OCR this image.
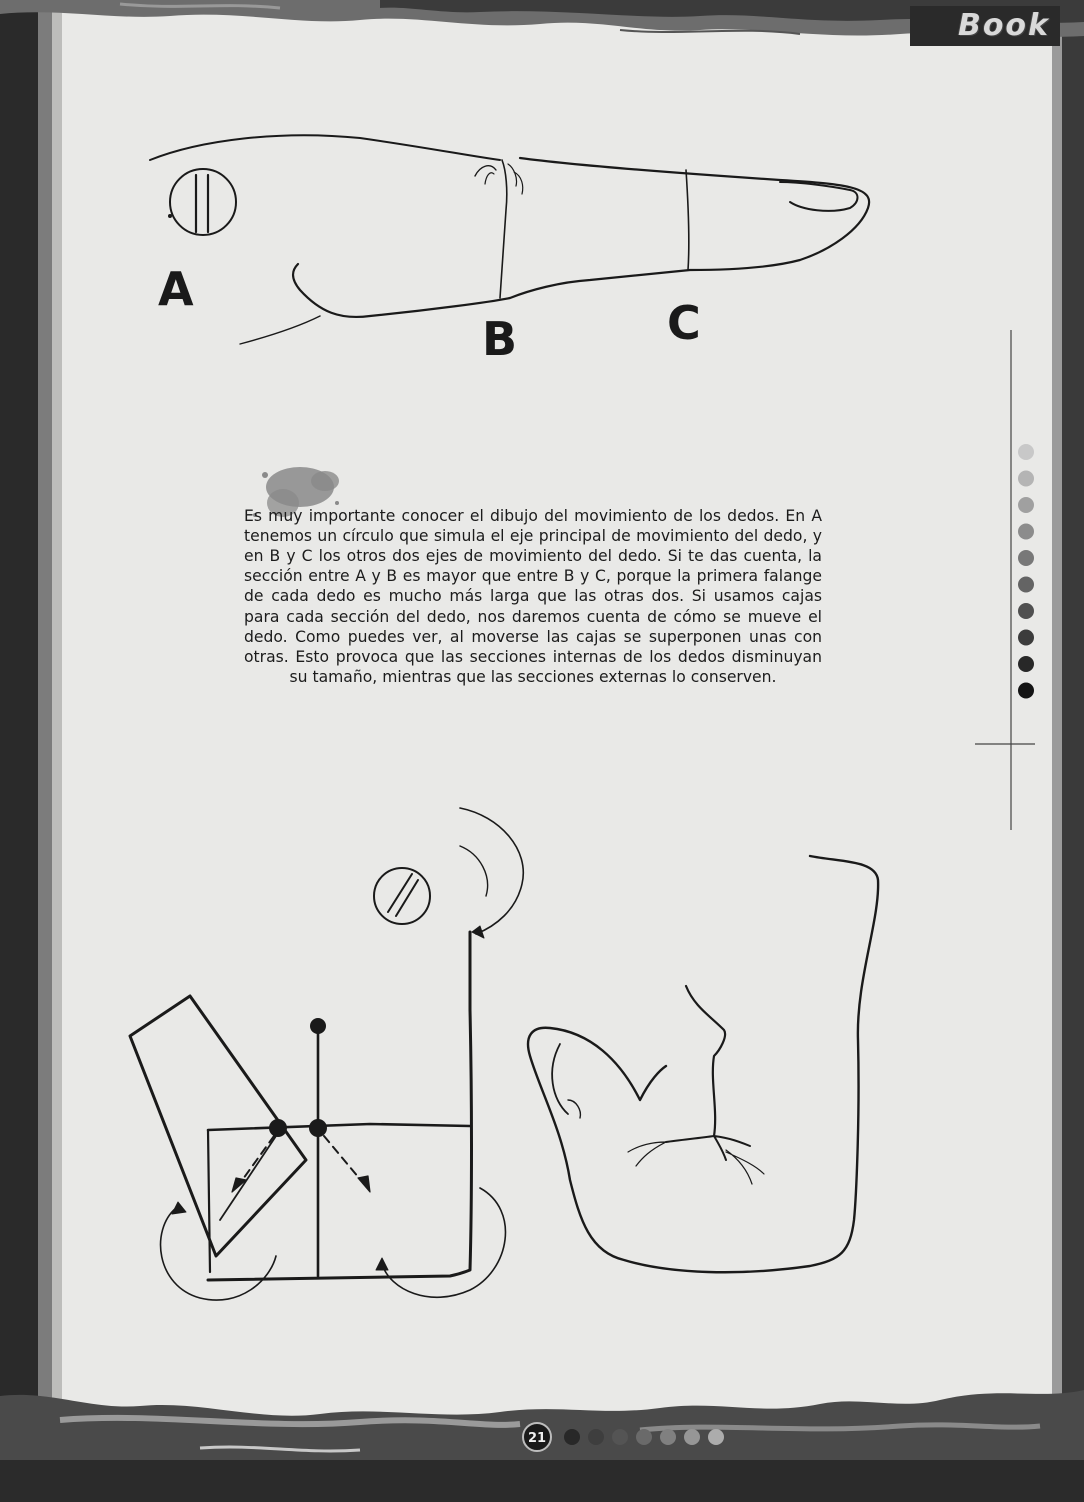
Book
A
B	C

Es muy importante conocer el dibujo del movimiento de los dedos. En A tenemos un círculo que simula el eje principal de movimiento del dedo, y en B y C los otros dos ejes de movimiento del dedo. Si te das cuenta, la sección entre A y B es mayor que entre B y C, porque la primera falange de cada dedo es mucho más larga que las otras dos. Si usamos cajas para cada sección del dedo, nos daremos cuenta de cómo se mueve el dedo. Como puedes ver, al moverse las cajas se superponen unas con otras. Esto provoca que las secciones internas de los dedos disminuyan su tamaño, mientras que las secciones externas lo conserven.

21
